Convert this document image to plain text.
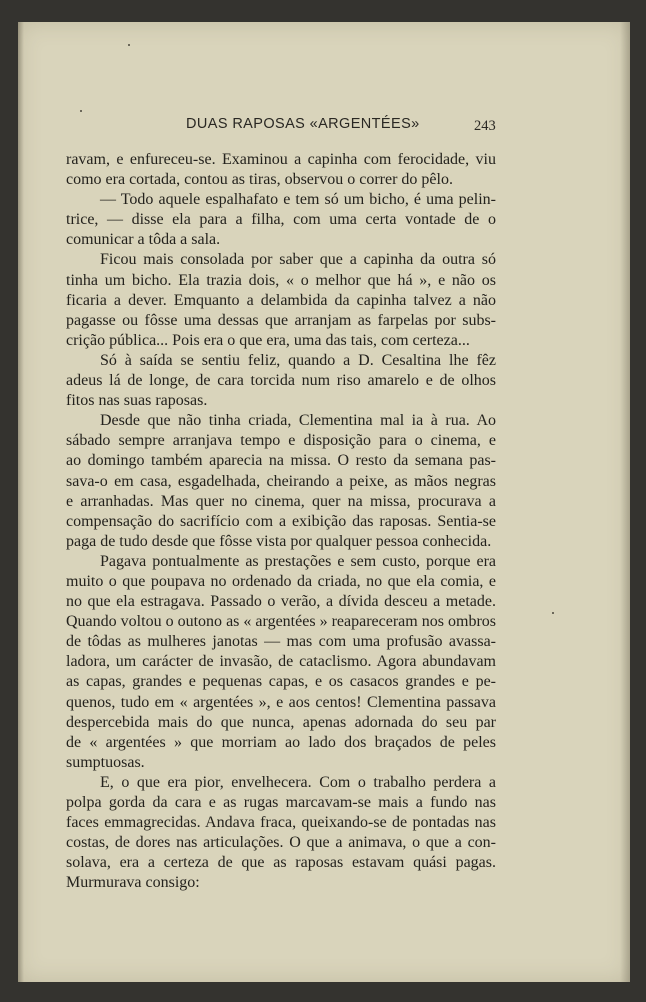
DUAS RAPOSAS «ARGENTÉES»	243
ravam, e enfureceu-se. Examinou a capinha com ferocidade, viu
como era cortada, contou as tiras, observou o correr do pêlo.
— Todo aquele espalhafato e tem só um bicho, é uma pelin-
trice, — disse ela para a filha, com uma certa vontade de o
comunicar a tôda a sala.
Ficou mais consolada por saber que a capinha da outra só
tinha um bicho. Ela trazia dois, « o melhor que há », e não os
ficaria a dever. Emquanto a delambida da capinha talvez a não
pagasse ou fôsse uma dessas que arranjam as farpelas por subs-
crição pública... Pois era o que era, uma das tais, com certeza...
Só à saída se sentiu feliz, quando a D. Cesaltina lhe fêz
adeus lá de longe, de cara torcida num riso amarelo e de olhos
fitos nas suas raposas.
Desde que não tinha criada, Clementina mal ia à rua. Ao
sábado sempre arranjava tempo e disposição para o cinema, e
ao domingo também aparecia na missa. O resto da semana pas-
sava-o em casa, esgadelhada, cheirando a peixe, as mãos negras
e arranhadas. Mas quer no cinema, quer na missa, procurava a
compensação do sacrifício com a exibição das raposas. Sentia-se
paga de tudo desde que fôsse vista por qualquer pessoa conhecida.
Pagava pontualmente as prestações e sem custo, porque era
muito o que poupava no ordenado da criada, no que ela comia, e
no que ela estragava. Passado o verão, a dívida desceu a metade.
Quando voltou o outono as « argentées » reapareceram nos ombros
de tôdas as mulheres janotas — mas com uma profusão avassa-
ladora, um carácter de invasão, de cataclismo. Agora abundavam
as capas, grandes e pequenas capas, e os casacos grandes e pe-
quenos, tudo em « argentées », e aos centos! Clementina passava
despercebida mais do que nunca, apenas adornada do seu par
de « argentées » que morriam ao lado dos braçados de peles
sumptuosas.
E, o que era pior, envelhecera. Com o trabalho perdera a
polpa gorda da cara e as rugas marcavam-se mais a fundo nas
faces emmagrecidas. Andava fraca, queixando-se de pontadas nas
costas, de dores nas articulações. O que a animava, o que a con-
solava, era a certeza de que as raposas estavam quási pagas.
Murmurava consigo:
